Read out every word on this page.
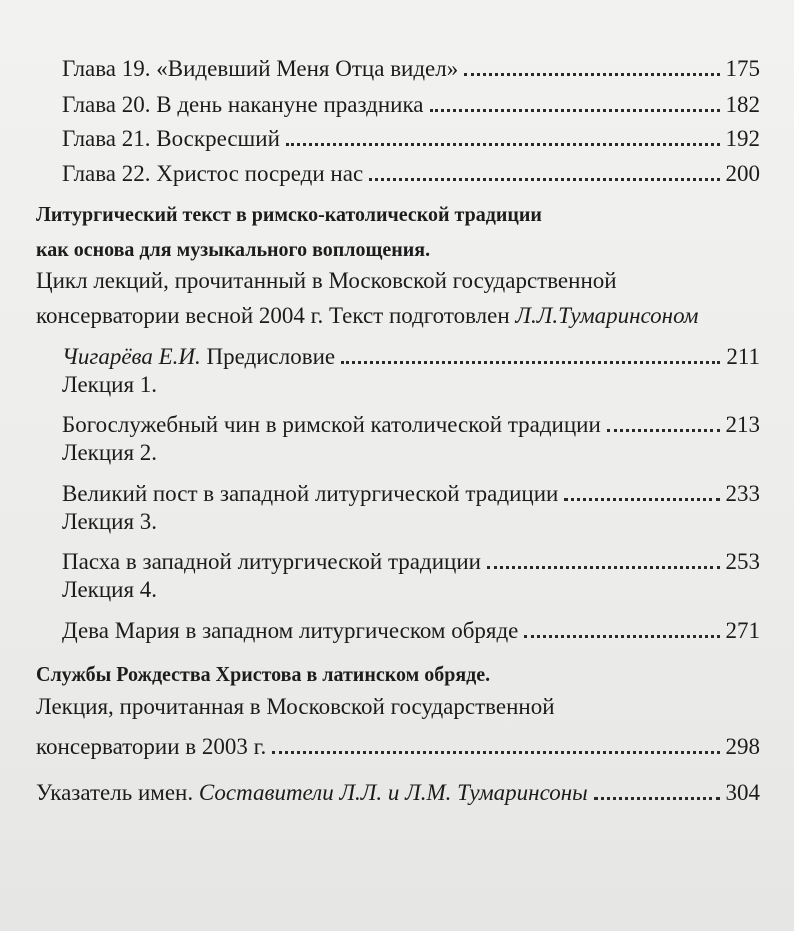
Глава 19. «Видевший Меня Отца видел»	175
Глава 20. В день накануне праздника	182
Глава 21. Воскресший	192
Глава 22. Христос посреди нас	200
Литургический текст в римско-католической традиции
как основа для музыкального воплощения.
Цикл лекций, прочитанный в Московской государственной
консерватории весной 2004 г. Текст подготовлен Л.Л.Тумаринсоном
Чигарёва Е.И. Предисловие	211
Лекция 1.
Богослужебный чин в римской католической традиции	213
Лекция 2.
Великий пост в западной литургической традиции	233
Лекция 3.
Пасха в западной литургической традиции	253
Лекция 4.
Дева Мария в западном литургическом обряде	271
Службы Рождества Христова в латинском обряде.
Лекция, прочитанная в Московской государственной
консерватории в 2003 г.	298
Указатель имен. Составители Л.Л. и Л.М. Тумаринсоны	304
